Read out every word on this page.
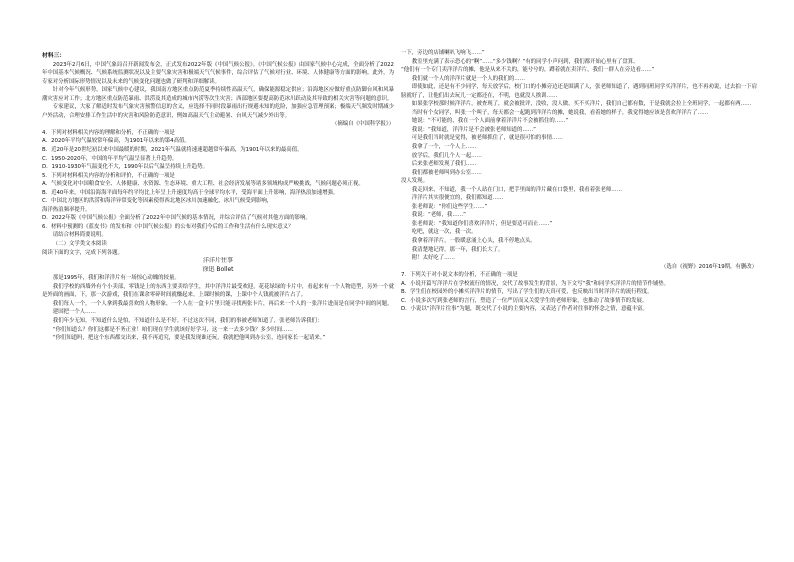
材料三：

2023年2月6日，中国气象局召开新闻发布会，正式发布2022年版《中国气候公报》。《中国气候公报》由国家气候中心完成，全面分析了2022年中国基本气候概况、气候系统监测状况以及主要气象灾害和极端天气气候事件，综合评估了气候对行业、环境、人体健康等方面的影响。此外，为专家对分析国际形势情况以及未来的气候变化问题也做了研判和详细解读。

针对今年气候形势，国家气候中心建议，我国南方地区重点防范夏季持续性高温天气，确保能源稳定供应；沿海地区应做好重点防御台风和风暴潮灾害应对工作；北方地区重点防范暴雨、洪涝及其造成的城市内涝等次生灾害；西部地区要提高防范冰川跃动及其导致的相关灾害等问题的意识。

专家建议，大家了解适时发布气象灾害预警信息的含义，应选择不同时段暴雨出行规避未知的危险，加强应急管理预案；极端天气频发时期减少户外活动，合理安排工作生活中的灾害和风险防范意识，例如高温天气主动避暑、台风天气减少外出等。

（摘编自《中国科学报》）

4．下列对材料相关内容的理解和分析，不正确的一项是

A．2020年平均气温较常年偏高，为1901年以来的第4高值。

B．近20年是20世纪初以来中国最暖的时期，2021年气温就将速速超越常年偏高，为1901年以来的最高值。

C．1950-2020年，中国的年平均气温呈显著上升趋势。

D．1910-1930年气温变化不大，1990年以后气温呈持续上升趋势。

5．下列对材料相关内容的分析和评价，不正确的一项是

A．气候变化对中国粮食安全、人体健康、水资源、生态环境、重大工程、社会经济发展等诸多领域构成严峻挑战，气候问题必须正视。

B．近40年来，中国沿海海平面每年约平均比上年呈上升速度均高于全球平均水平，受海平面上升影响，海洋热浪加速增强。

C．中国北方地区的洪涝和海洋异常变化等因素使得西北地区冰川加速融化，冰川气候受到影响，

海洋热浪频率提升。

D．2022年版《中国气候公报》全面分析了2022年中国气候的基本情况，并综合评估了气候对其他方面的影响。

6．材料中预测的《蓝皮书》的发布和《中国气候公报》的公布对我们今后的工作和生活有什么现实意义？

请结合材料简要说明。

（二）文学类文本阅读

阅读下面的文字，完成下列各题。

洋洋片往事

徐迅 Bollet

那是1995年，我们和洋洋片有一场惊心动魄的较量。

我们学校的西墙外有个小卖部，零钱是上的东西主要卖给学生，其中洋洋片最受欢迎，花花绿绿的卡片中，看起来有一个人物造型，另外一个就是外面的画面，下，那一次游戏，我们在课余零碎时间就赚起来。上课时候的课，上课中个人钱就被洋片占了。

我们每人一个，一个人拿到我最喜欢的人物形象，一个人在一盒卡片里只能寻找两张卡片，再后来一个人的一张洋片进而是在同学中间的问题。

建国把一个人……

我们年少无知，不知道什么是怕，不知道什么是不好。不过这次不同，我们的事被老师知道了，张老师告诉我们：

“你们知道么？你们这都是不务正业！咱们现在学生就该好好学习，这一来一去多少钱？多少时间……

“你们知道吗，把这个东西都交出来，我不再追究，要是我发现谁还玩，我就把他叫到办公室，连同家长一起请来。”

一下，旁边的店铺喇叭飞响飞……”

教室里充满了表示恐心的“啊”……“多少钱啊？”有的同学小声问到，我们都开始心里有了盘算。

“他们有一个专门卖洋洋片的摊，他是从来不关的，能兮兮的，蹲着就在卖洋片，我们一群人在旁边看……”

我们就一个人的洋洋片就是一个人的我们的……

即使如此，还是有不少同学，每天放学后，校门口的小摊旁边还是围满了人，张老师知道了，遇到同班同学买洋洋片，也不再劝说，过去拍一下肩膀就好了，让他们出去玩儿一定都还在，不明，也就没人挨训……

如果张学校那时候洋洋片，被查现了，就会被批评，没收，没人做。买不买洋片，我们自己都有数，于是我就会拉上全班同学，一起都有两……

当时有个女同学，叫张一个叫子，每天都会一起跑到洋洋片的摊，她说我，看着她的样子，我觉得她应该是喜欢洋洋片了……

她说：“不可能的，我在一个人面前拿着洋洋片不会被抓住的……”

我说：“我知道，洋洋片是不会被张老师知道的……”

可是我们当时就是觉得，被老师抓住了，就是很可怕的事情……

我拿了一个，一个人上……

放学后，我们几个人一起……

后来张老师发现了我们……

我们都被老师叫到办公室……

没人发现。

我走回来，不知道，我一个人站在门口，把手里面的洋片藏在口袋里，我看着张老师……

洋洋片其实很便宜的，我们都知道……

张老师说：“你们这些学生……”

我说：“老师，我……”

张老师说：“我知道你们喜欢洋洋片，但是要适可而止……”

吃吧，就这一次，我一次。

我拿着洋洋片，一股暖意涌上心头，我不停地点头。

我清楚地记得，那一年，我们长大了。

附！太好吃了……

（选自《视野》2016年19期，有删改）

7．下列关于对小说文本的分析，不正确的一项是

A．小说开篇写洋洋片在学校流行的情况，交代了故事发生的背景，为下文写“我”和同学买洋洋片的情节作铺垫。

B．学生们在校园外的小摊买洋洋片的情节，写出了学生们的天真可爱，也反映出当时洋洋片的流行程度。

C．小说多次写到张老师的言行，塑造了一位严厉而又关爱学生的老师形象，也推动了故事情节的发展。

D．小说以“洋洋片往事”为题，既交代了小说的主要内容，又表达了作者对往事的怀念之情，意蕴丰富。
